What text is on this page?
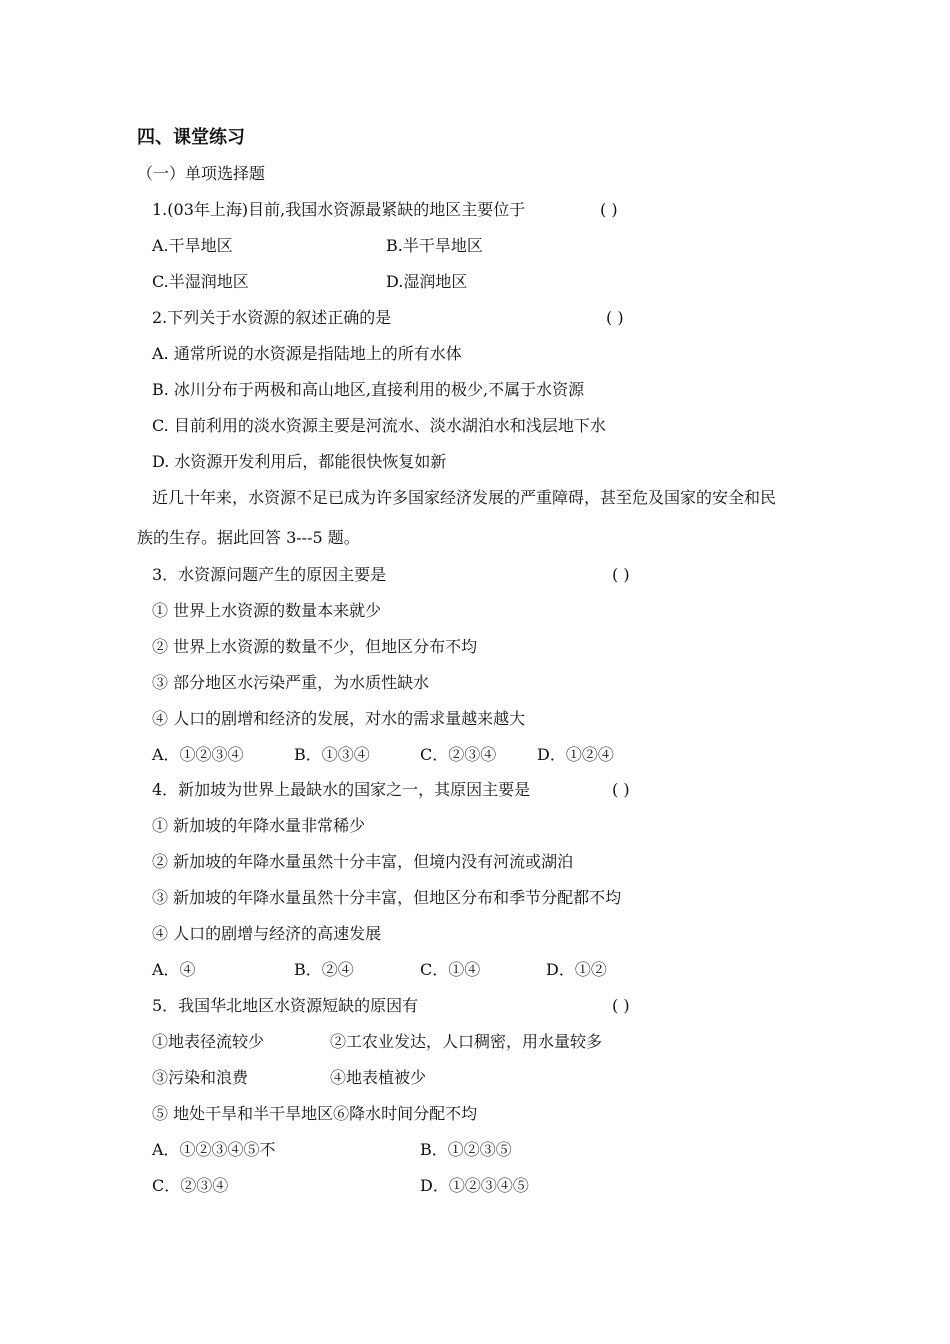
四、课堂练习
（一）单项选择题
1.(03年上海)目前,我国水资源最紧缺的地区主要位于	( )
A.干旱地区	B.半干旱地区
C.半湿润地区	D.湿润地区
2.下列关于水资源的叙述正确的是	( )
A. 通常所说的水资源是指陆地上的所有水体
B. 冰川分布于两极和高山地区,直接利用的极少,不属于水资源
C. 目前利用的淡水资源主要是河流水、淡水湖泊水和浅层地下水
D. 水资源开发利用后，都能很快恢复如新
近几十年来，水资源不足已成为许多国家经济发展的严重障碍，甚至危及国家的安全和民
族的生存。据此回答 3---5 题。
3．水资源问题产生的原因主要是	( )
① 世界上水资源的数量本来就少
② 世界上水资源的数量不少，但地区分布不均
③ 部分地区水污染严重，为水质性缺水
④ 人口的剧增和经济的发展，对水的需求量越来越大
A．①②③④	B．①③④	C．②③④	D．①②④
4．新加坡为世界上最缺水的国家之一，其原因主要是	( )
① 新加坡的年降水量非常稀少
② 新加坡的年降水量虽然十分丰富，但境内没有河流或湖泊
③ 新加坡的年降水量虽然十分丰富，但地区分布和季节分配都不均
④ 人口的剧增与经济的高速发展
A．④	B．②④	C．①④	D．①②
5．我国华北地区水资源短缺的原因有	( )
①地表径流较少	②工农业发达，人口稠密，用水量较多
③污染和浪费	④地表植被少
⑤ 地处干旱和半干旱地区⑥降水时间分配不均
A．①②③④⑤不	B．①②③⑤
C．②③④	D．①②③④⑤
